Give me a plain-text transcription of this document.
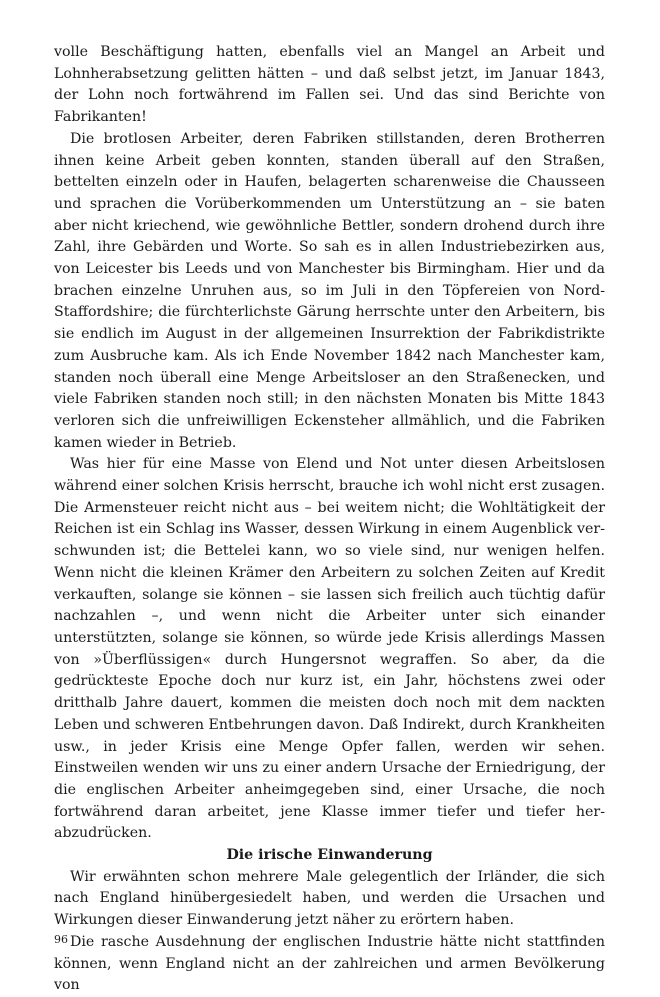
volle Beschäftigung hatten, ebenfalls viel an Mangel an Arbeit und Lohnherabsetzung gelitten hätten – und daß selbst jetzt, im Januar 1843, der Lohn noch fortwährend im Fallen sei. Und das sind Berichte von Fabrikanten!

Die brotlosen Arbeiter, deren Fabriken stillstanden, deren Brotherren ihnen keine Arbeit geben konnten, standen überall auf den Straßen, bettelten einzeln oder in Haufen, belagerten scharenweise die Chausseen und sprachen die Vorüberkommenden um Unterstützung an – sie baten aber nicht kriechend, wie gewöhnliche Bettler, sondern drohend durch ihre Zahl, ihre Gebärden und Worte. So sah es in allen Industriebezirken aus, von Leicester bis Leeds und von Manchester bis Birmingham. Hier und da brachen einzelne Unruhen aus, so im Juli in den Töpfereien von Nord-Staffordshire; die fürchterlichste Gärung herrschte unter den Arbeitern, bis sie endlich im August in der allgemeinen Insurrektion der Fabrikdistrikte zum Ausbruche kam. Als ich Ende November 1842 nach Manchester kam, standen noch überall eine Menge Arbeitsloser an den Straßenecken, und viele Fabriken standen noch still; in den nächsten Monaten bis Mitte 1843 verloren sich die unfreiwilligen Eckensteher allmählich, und die Fabriken kamen wieder in Betrieb.

Was hier für eine Masse von Elend und Not unter diesen Arbeitslosen während einer solchen Krisis herrscht, brauche ich wohl nicht erst zusagen. Die Armensteuer reicht nicht aus – bei weitem nicht; die Wohltätigkeit der Reichen ist ein Schlag ins Wasser, dessen Wirkung in einem Augenblick verschwunden ist; die Bettelei kann, wo so viele sind, nur wenigen helfen. Wenn nicht die kleinen Krämer den Arbeitern zu solchen Zeiten auf Kredit verkauften, solange sie können – sie lassen sich freilich auch tüchtig dafür nachzahlen –, und wenn nicht die Arbeiter unter sich einander unterstützten, solange sie können, so würde jede Krisis allerdings Massen von »Überflüssigen« durch Hungersnot wegraffen. So aber, da die gedrückteste Epoche doch nur kurz ist, ein Jahr, höchstens zwei oder dritthalb Jahre dauert, kommen die meisten doch noch mit dem nackten Leben und schweren Entbehrungen davon. Daß Indirekt, durch Krankheiten usw., in jeder Krisis eine Menge Opfer fallen, werden wir sehen. Einstweilen wenden wir uns zu einer andern Ursache der Erniedrigung, der die englischen Arbeiter anheimgegeben sind, einer Ursache, die noch fortwährend daran arbeitet, jene Klasse immer tiefer und tiefer herabzudrücken.

Die irische Einwanderung

Wir erwähnten schon mehrere Male gelegentlich der Irländer, die sich nach England hinübergesiedelt haben, und werden die Ursachen und Wirkungen dieser Einwanderung jetzt näher zu erörtern haben.

Die rasche Ausdehnung der englischen Industrie hätte nicht stattfinden können, wenn England nicht an der zahlreichen und armen Bevölkerung von

96
